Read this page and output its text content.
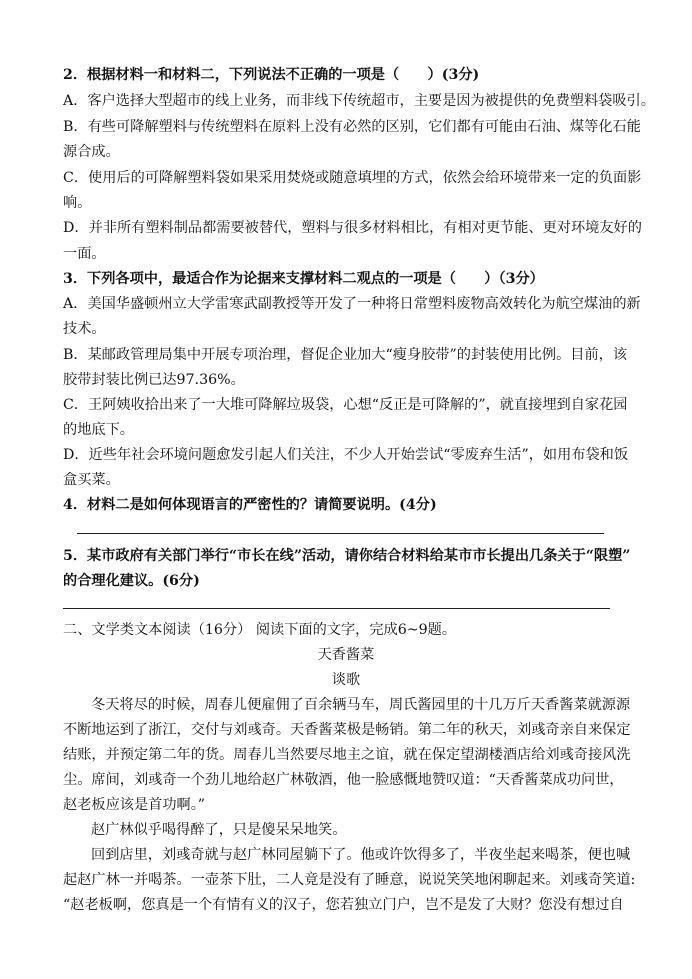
2．根据材料一和材料二，下列说法不正确的一项是（　　）(3分)
A．客户选择大型超市的线上业务，而非线下传统超市，主要是因为被提供的免费塑料袋吸引。
B．有些可降解塑料与传统塑料在原料上没有必然的区别，它们都有可能由石油、煤等化石能
源合成。
C．使用后的可降解塑料袋如果采用焚烧或随意填埋的方式，依然会给环境带来一定的负面影
响。
D．并非所有塑料制品都需要被替代，塑料与很多材料相比，有相对更节能、更对环境友好的
一面。
3．下列各项中，最适合作为论据来支撑材料二观点的一项是（　　）（3分）
A．美国华盛顿州立大学雷寒武副教授等开发了一种将日常塑料废物高效转化为航空煤油的新
技术。
B．某邮政管理局集中开展专项治理，督促企业加大“瘦身胶带”的封装使用比例。目前，该
胶带封装比例已达97.36%。
C．王阿姨收拾出来了一大堆可降解垃圾袋，心想“反正是可降解的”，就直接埋到自家花园
的地底下。
D．近些年社会环境问题愈发引起人们关注，不少人开始尝试“零废弃生活”，如用布袋和饭
盒买菜。
4．材料二是如何体现语言的严密性的？请简要说明。(4分)
5．某市政府有关部门举行“市长在线”活动，请你结合材料给某市市长提出几条关于“限塑”
的合理化建议。(6分)
二、文学类文本阅读（16分） 阅读下面的文字，完成6~9题。
天香酱菜
谈歌
冬天将尽的时候，周春儿便雇佣了百余辆马车，周氏酱园里的十几万斤天香酱菜就源源
不断地运到了浙江，交付与刘彧奇。天香酱菜极是畅销。第二年的秋天，刘彧奇亲自来保定
结账，并预定第二年的货。周春儿当然要尽地主之谊，就在保定望湖楼酒店给刘彧奇接风洗
尘。席间，刘彧奇一个劲儿地给赵广林敬酒，他一脸感慨地赞叹道：“天香酱菜成功问世，
赵老板应该是首功啊。”
赵广林似乎喝得醉了，只是傻呆呆地笑。
回到店里，刘彧奇就与赵广林同屋躺下了。他或许饮得多了，半夜坐起来喝茶，便也喊
起赵广林一并喝茶。一壶茶下肚，二人竟是没有了睡意，说说笑笑地闲聊起来。刘彧奇笑道:
“赵老板啊，您真是一个有情有义的汉子，您若独立门户，岂不是发了大财？您没有想过自
